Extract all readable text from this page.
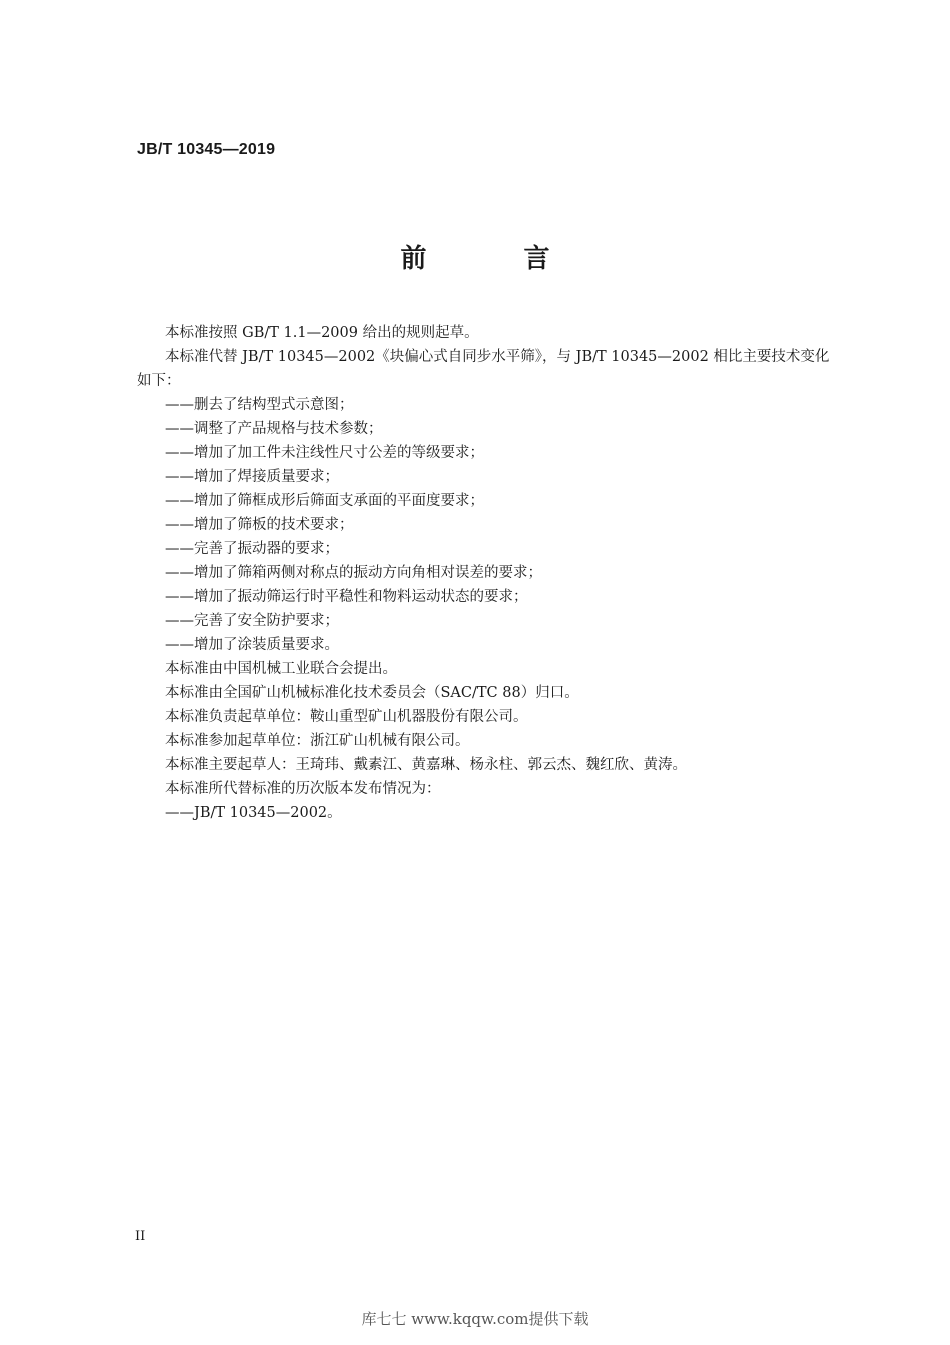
JB/T 10345—2019
前 言

本标准按照 GB/T 1.1—2009 给出的规则起草。

本标准代替 JB/T 10345—2002《块偏心式自同步水平筛》，与 JB/T 10345—2002 相比主要技术变化

如下：

——删去了结构型式示意图；

——调整了产品规格与技术参数；

——增加了加工件未注线性尺寸公差的等级要求；

——增加了焊接质量要求；

——增加了筛框成形后筛面支承面的平面度要求；

——增加了筛板的技术要求；

——完善了振动器的要求；

——增加了筛箱两侧对称点的振动方向角相对误差的要求；

——增加了振动筛运行时平稳性和物料运动状态的要求；

——完善了安全防护要求；

——增加了涂装质量要求。

本标准由中国机械工业联合会提出。

本标准由全国矿山机械标准化技术委员会（SAC/TC 88）归口。

本标准负责起草单位：鞍山重型矿山机器股份有限公司。

本标准参加起草单位：浙江矿山机械有限公司。

本标准主要起草人：王琦玮、戴素江、黄嘉琳、杨永柱、郭云杰、魏红欣、黄涛。

本标准所代替标准的历次版本发布情况为：

——JB/T 10345—2002。

II
库七七 www.kqqw.com提供下载
